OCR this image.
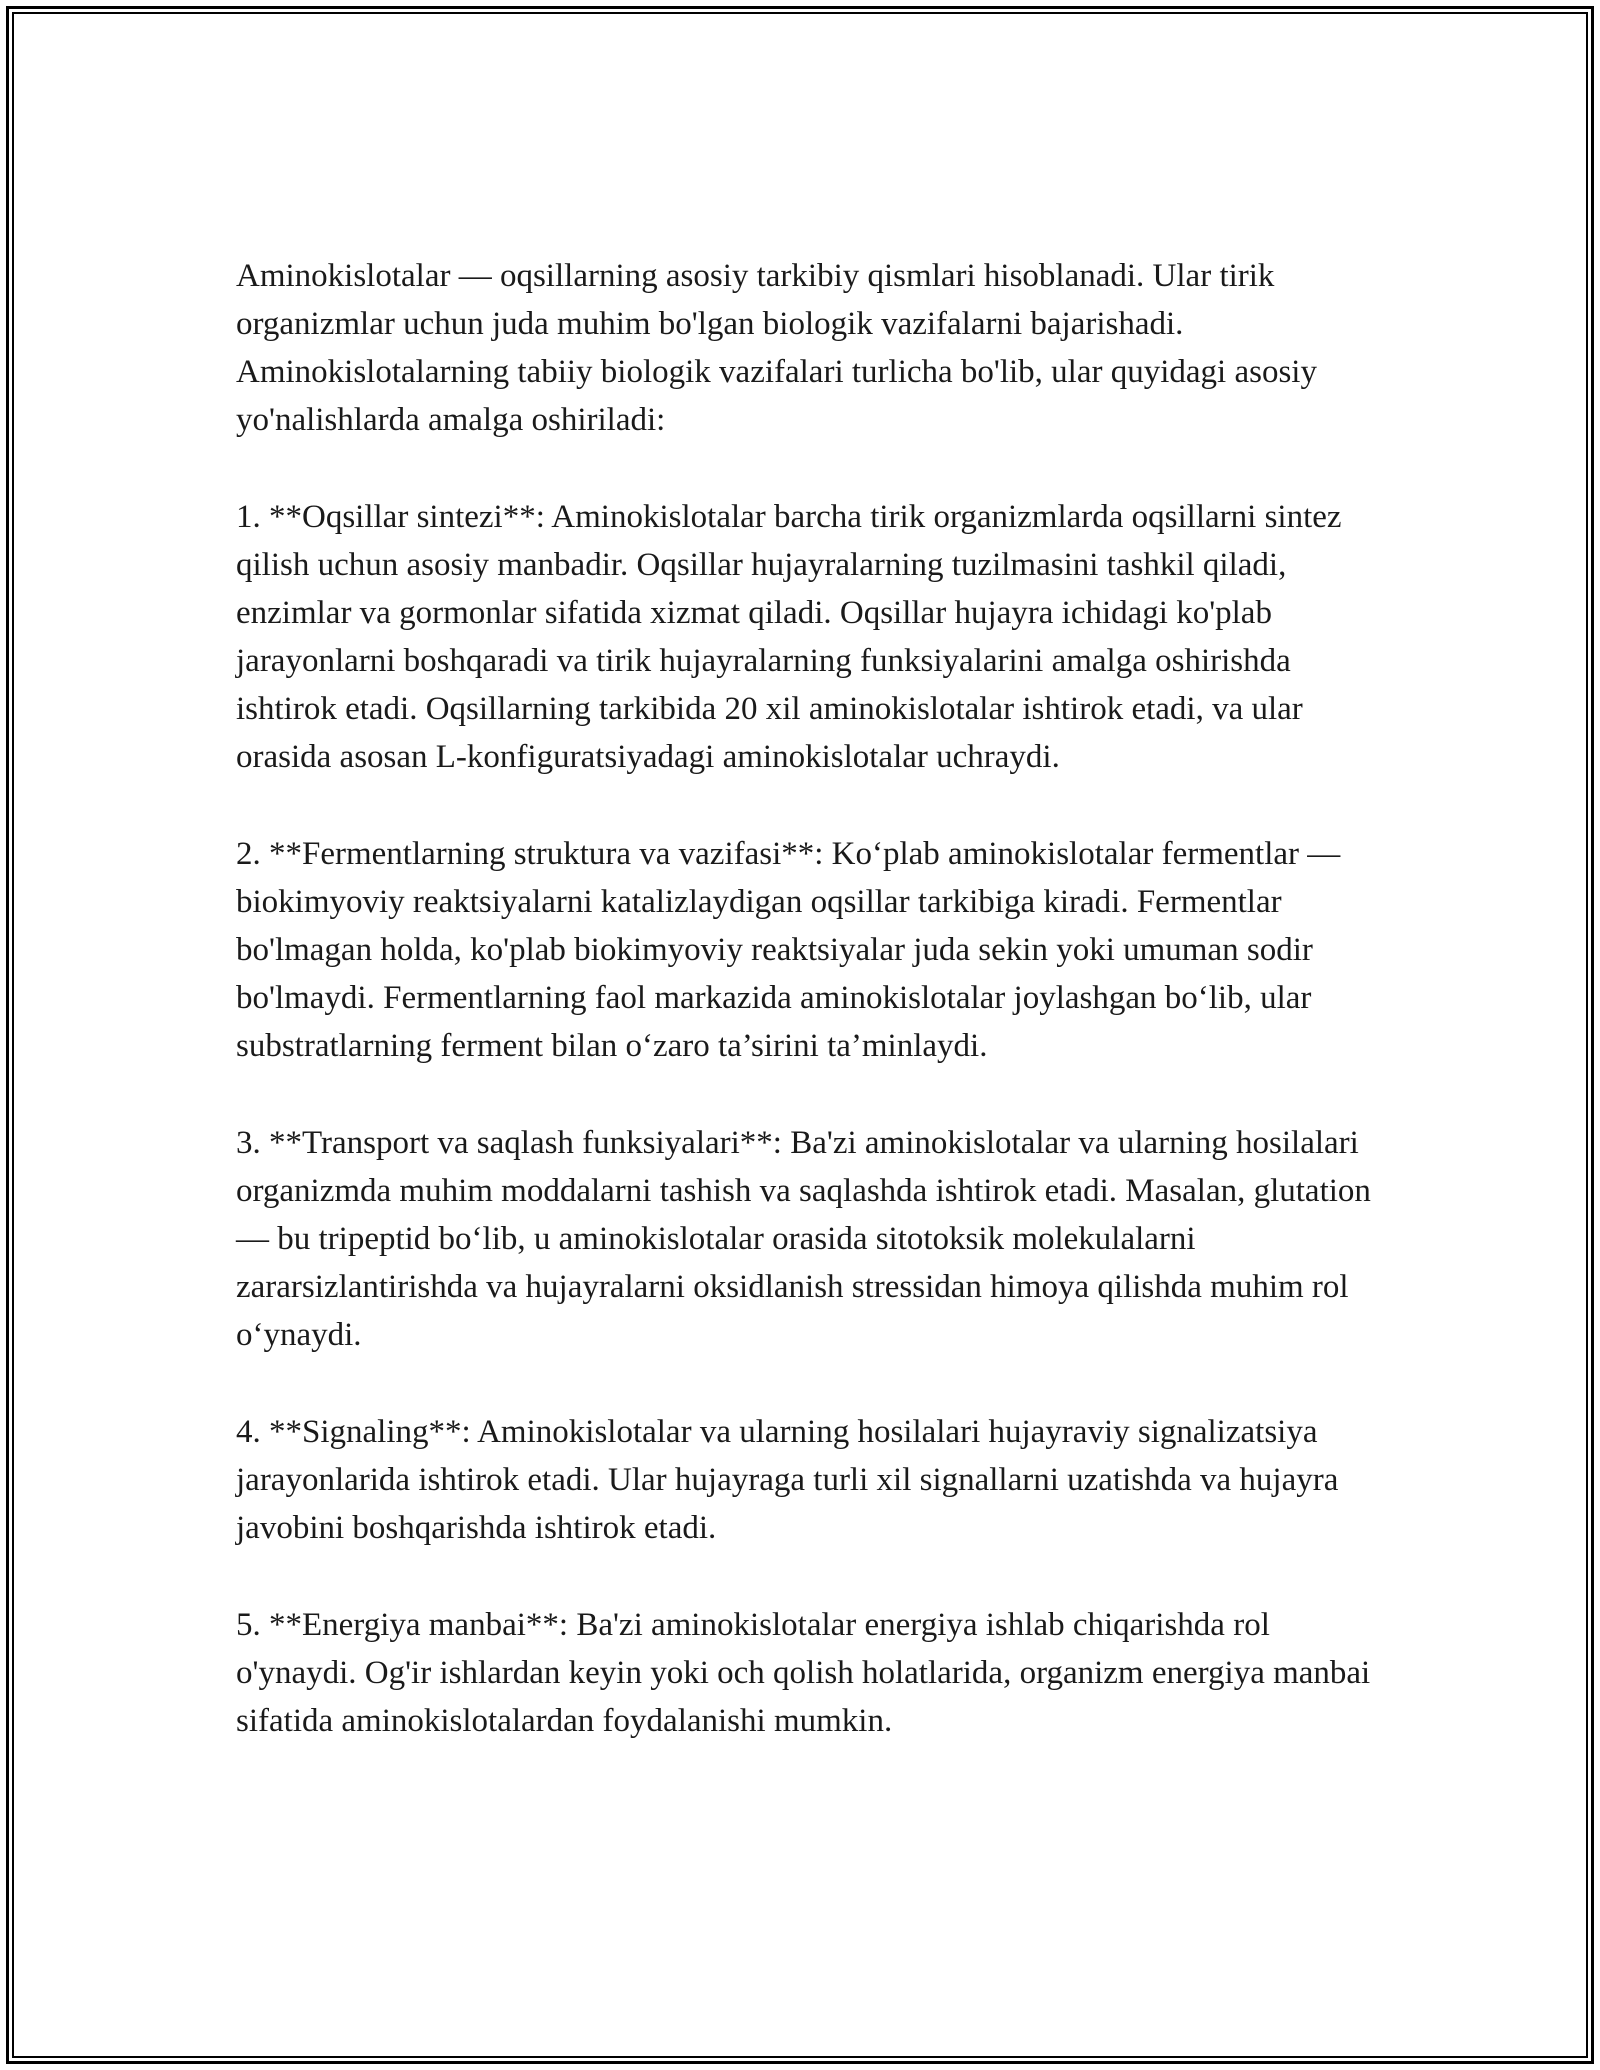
Aminokislotalar — oqsillarning asosiy tarkibiy qismlari hisoblanadi. Ular tirik organizmlar uchun juda muhim bo'lgan biologik vazifalarni bajarishadi. Aminokislotalarning tabiiy biologik vazifalari turlicha bo'lib, ular quyidagi asosiy yo'nalishlarda amalga oshiriladi:

1. **Oqsillar sintezi**: Aminokislotalar barcha tirik organizmlarda oqsillarni sintez qilish uchun asosiy manbadir. Oqsillar hujayralarning tuzilmasini tashkil qiladi, enzimlar va gormonlar sifatida xizmat qiladi. Oqsillar hujayra ichidagi ko'plab jarayonlarni boshqaradi va tirik hujayralarning funksiyalarini amalga oshirishda ishtirok etadi. Oqsillarning tarkibida 20 xil aminokislotalar ishtirok etadi, va ular orasida asosan L-konfiguratsiyadagi aminokislotalar uchraydi.

2. **Fermentlarning struktura va vazifasi**: Ko‘plab aminokislotalar fermentlar — biokimyoviy reaktsiyalarni katalizlaydigan oqsillar tarkibiga kiradi. Fermentlar bo'lmagan holda, ko'plab biokimyoviy reaktsiyalar juda sekin yoki umuman sodir bo'lmaydi. Fermentlarning faol markazida aminokislotalar joylashgan bo‘lib, ular substratlarning ferment bilan o‘zaro ta’sirini ta’minlaydi.

3. **Transport va saqlash funksiyalari**: Ba'zi aminokislotalar va ularning hosilalari organizmda muhim moddalarni tashish va saqlashda ishtirok etadi. Masalan, glutation — bu tripeptid bo‘lib, u aminokislotalar orasida sitotoksik molekulalarni zararsizlantirishda va hujayralarni oksidlanish stressidan himoya qilishda muhim rol o‘ynaydi.

4. **Signaling**: Aminokislotalar va ularning hosilalari hujayraviy signalizatsiya jarayonlarida ishtirok etadi. Ular hujayraga turli xil signallarni uzatishda va hujayra javobini boshqarishda ishtirok etadi.

5. **Energiya manbai**: Ba'zi aminokislotalar energiya ishlab chiqarishda rol o'ynaydi. Og'ir ishlardan keyin yoki och qolish holatlarida, organizm energiya manbai sifatida aminokislotalardan foydalanishi mumkin.
